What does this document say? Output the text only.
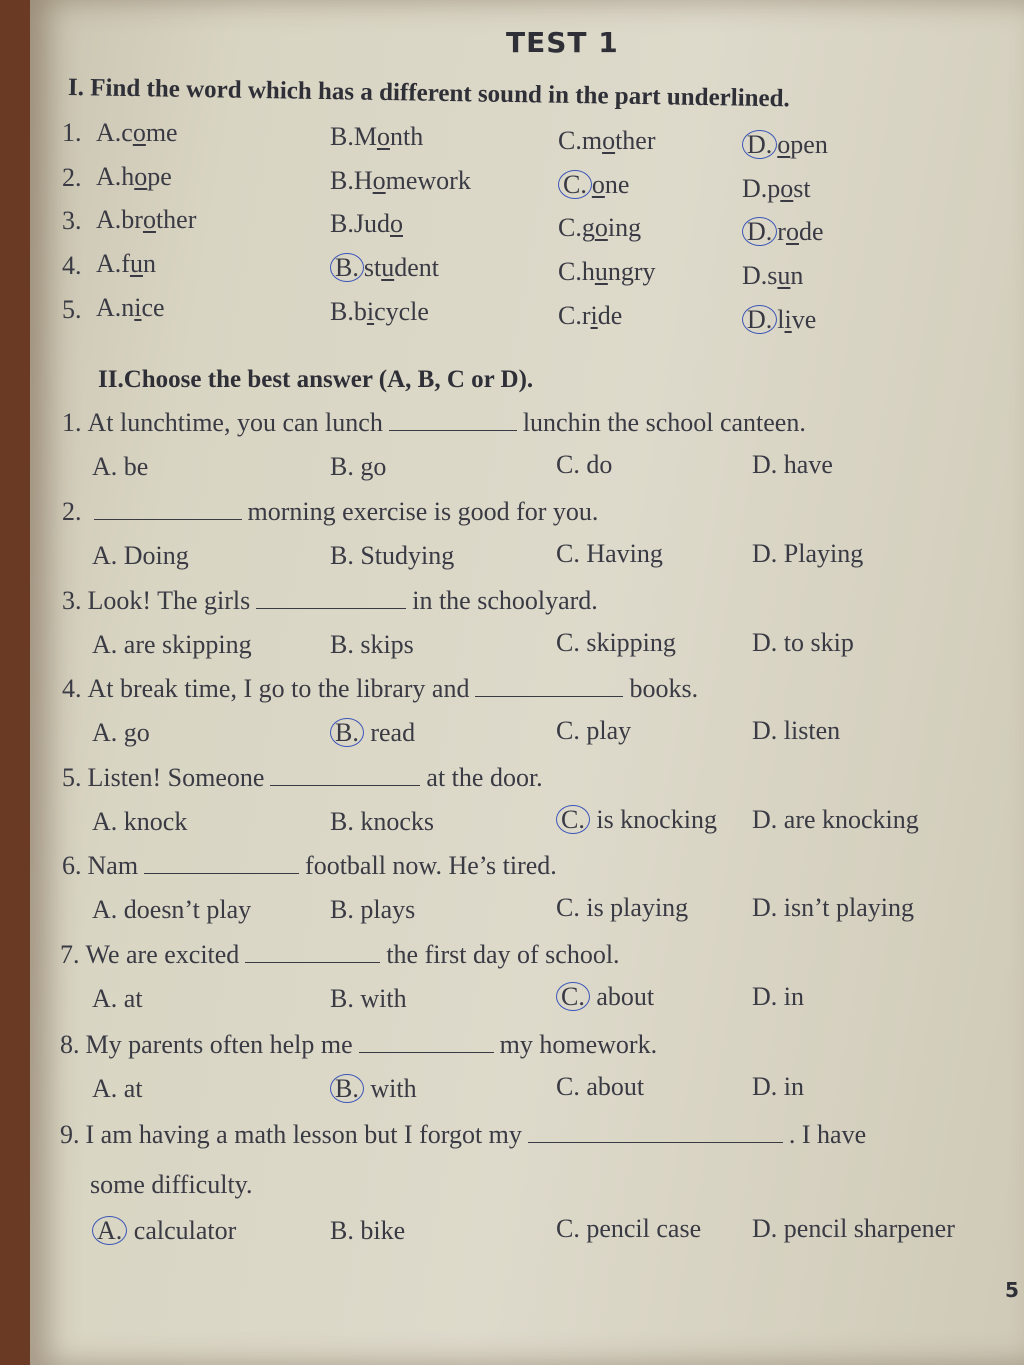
TEST 1
I. Find the word which has a different sound in the part underlined.
1. A.come	B.Month	C.mother	D. open
2. A.hope	B.Homework	C. one	D.post
3. A.brother	B.Judo	C.going	D. rode
4. A.fun	B. student	C.hungry	D.sun
5. A.nice	B.bicycle	C.ride	D. live
II.Choose the best answer (A, B, C or D).
1. At lunchtime, you can lunch	lunchin the school canteen.
A. be	B. go	C. do	D. have
2.	morning exercise is good for you.
A. Doing	B. Studying	C. Having	D. Playing
3. Look! The girls	in the schoolyard.
A. are skipping	B. skips	C. skipping	D. to skip
4. At break time, I go to the library and	books.
A. go	B. read	C. play	D. listen
5. Listen! Someone	at the door.
A. knock	B. knocks	C. is knocking D. are knocking
6. Nam	football now. He’s tired.
A. doesn’t play	B. plays	C. is playing D. isn’t playing
7. We are excited	the first day of school.
A. at	B. with	C. about	D. in
8. My parents often help me	my homework.
A. at	B. with	C. about	D. in
9. I am having a math lesson but I forgot my	. I have
some difficulty.
A. calculator	B. bike	C. pencil case D. pencil sharpener
5
